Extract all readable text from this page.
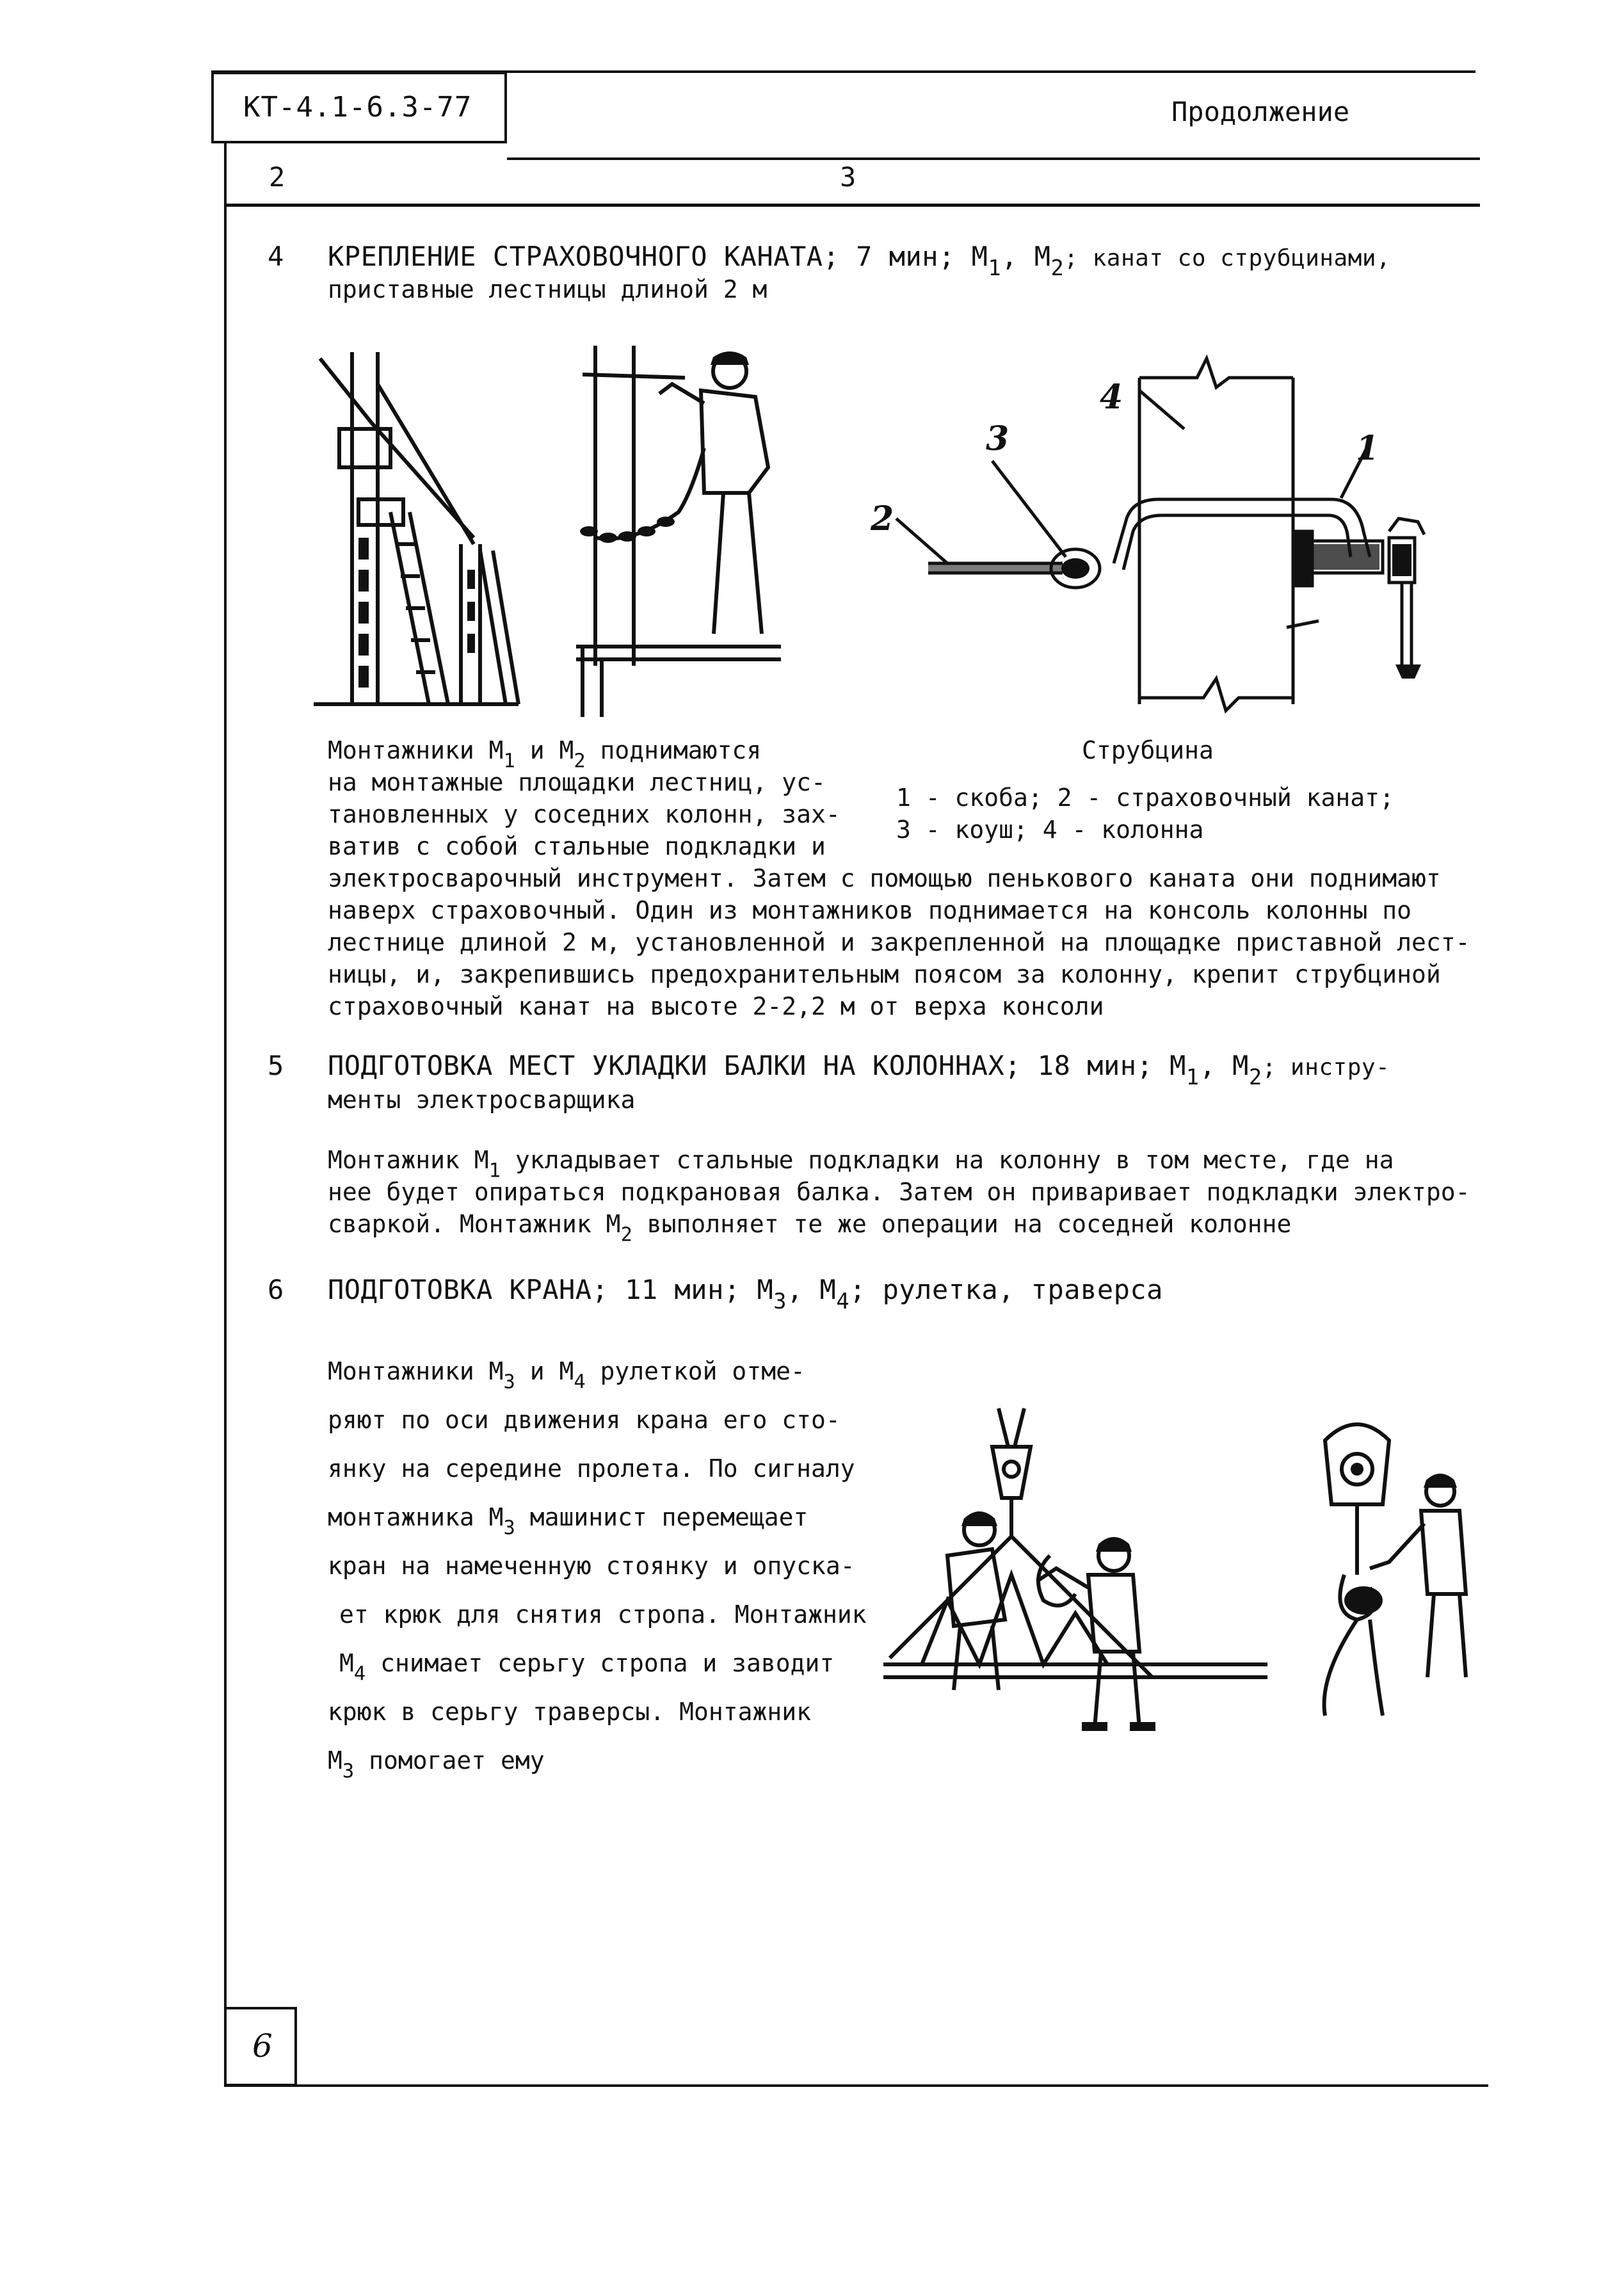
КТ-4.1-6.3-77	Продолжение
2	3
4 КРЕПЛЕНИЕ СТРАХОВОЧНОГО КАНАТА; 7 мин; $М_1$, $М_2$; канат со струбцинами,
приставные лестницы длиной 2 м
3
2
4
1
Монтажники $М_1$ и $М_2$ поднимаются	Струбцина
на монтажные площадки лестниц, ус-
1 - скоба; 2 - страховочный канат;
тановленных у соседних колонн, зах-
3 - коуш; 4 - колонна
ватив с собой стальные подкладки и
электросварочный инструмент. Затем с помощью пенькового каната они поднимают
наверх страховочный. Один из монтажников поднимается на консоль колонны по
лестнице длиной 2 м, установленной и закрепленной на площадке приставной лест-
ницы, и, закрепившись предохранительным поясом за колонну, крепит струбциной
страховочный канат на высоте 2-2,2 м от верха консоли
5 ПОДГОТОВКА МЕСТ УКЛАДКИ БАЛКИ НА КОЛОННАХ; 18 мин; $М_1$, $М_2$; инстру-
менты электросварщика
Монтажник $М_1$ укладывает стальные подкладки на колонну в том месте, где на
нее будет опираться подкрановая балка. Затем он приваривает подкладки электро-
сваркой. Монтажник $М_2$ выполняет те же операции на соседней колонне
6 ПОДГОТОВКА КРАНА; 11 мин; $М_3$, $М_4$; рулетка, траверса
Монтажники $М_3$ и $М_4$ рулеткой отме-
ряют по оси движения крана его сто-
янку на середине пролета. По сигналу
монтажника $М_3$ машинист перемещает
кран на намеченную стоянку и опуска-
ет крюк для снятия стропа. Монтажник
$М_4$ снимает серьгу стропа и заводит
крюк в серьгу траверсы. Монтажник
$М_3$ помогает ему
6
